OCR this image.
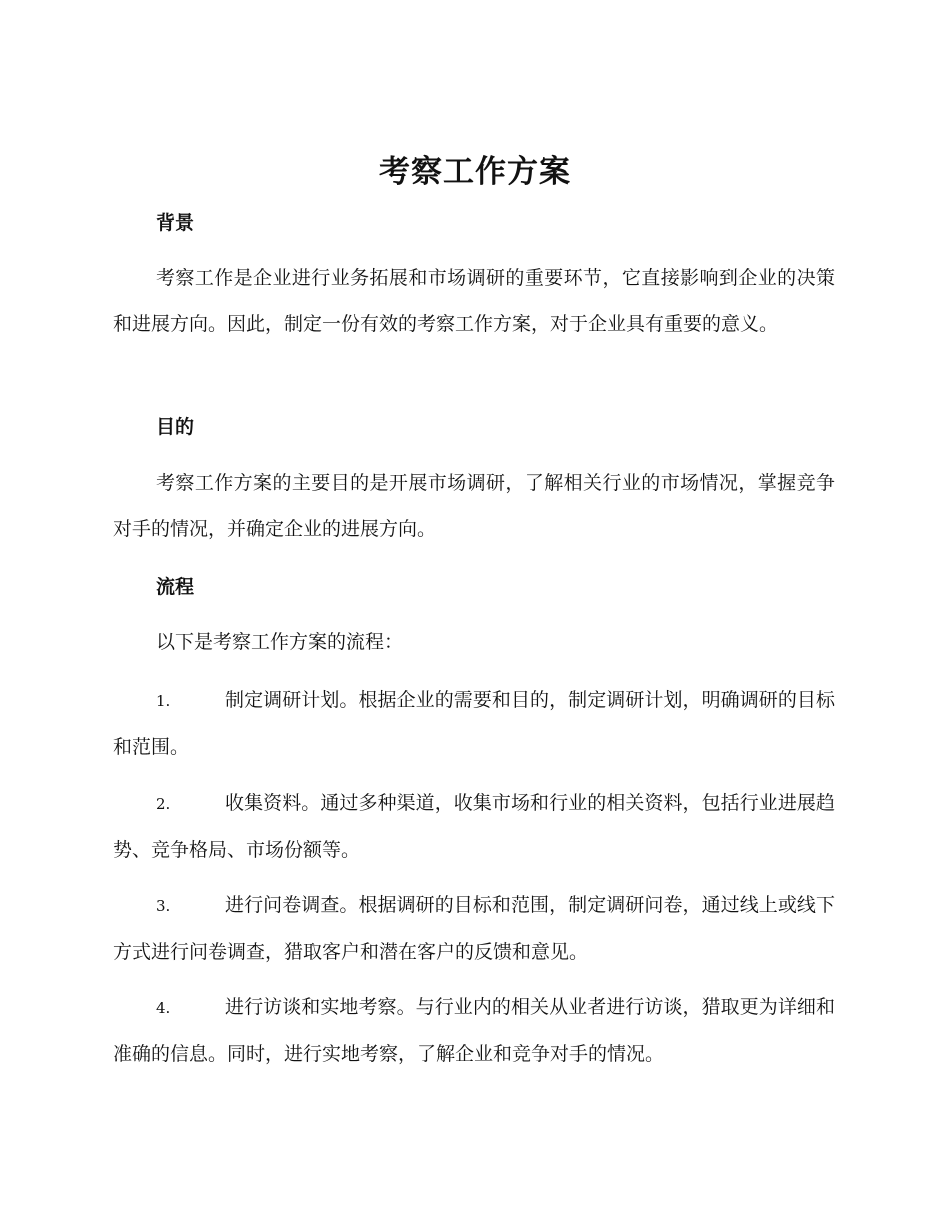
考察工作方案
背景

考察工作是企业进行业务拓展和市场调研的重要环节，它直接影响到企业的决策和进展方向。因此，制定一份有效的考察工作方案，对于企业具有重要的意义。

目的

考察工作方案的主要目的是开展市场调研，了解相关行业的市场情况，掌握竞争对手的情况，并确定企业的进展方向。

流程

以下是考察工作方案的流程：

1.	制定调研计划。根据企业的需要和目的，制定调研计划，明确调研的目标和范围。

2.	收集资料。通过多种渠道，收集市场和行业的相关资料，包括行业进展趋势、竞争格局、市场份额等。

3.	进行问卷调查。根据调研的目标和范围，制定调研问卷，通过线上或线下方式进行问卷调查，猎取客户和潜在客户的反馈和意见。

4.	进行访谈和实地考察。与行业内的相关从业者进行访谈，猎取更为详细和准确的信息。同时，进行实地考察，了解企业和竞争对手的情况。
